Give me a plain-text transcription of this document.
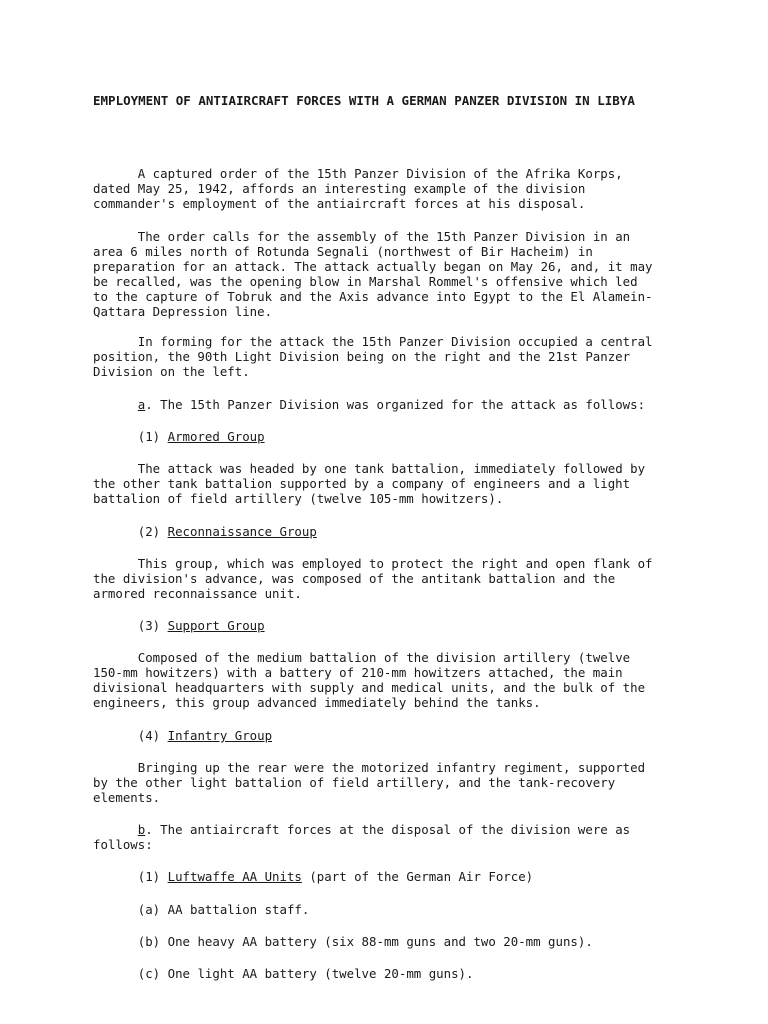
EMPLOYMENT OF ANTIAIRCRAFT FORCES WITH A GERMAN PANZER DIVISION IN LIBYA

A captured order of the 15th Panzer Division of the Afrika Korps,
dated May 25, 1942, affords an interesting example of the division
commander's employment of the antiaircraft forces at his disposal.

The order calls for the assembly of the 15th Panzer Division in an
area 6 miles north of Rotunda Segnali (northwest of Bir Hacheim) in
preparation for an attack. The attack actually began on May 26, and, it may
be recalled, was the opening blow in Marshal Rommel's offensive which led
to the capture of Tobruk and the Axis advance into Egypt to the El Alamein-
Qattara Depression line.

In forming for the attack the 15th Panzer Division occupied a central
position, the 90th Light Division being on the right and the 21st Panzer
Division on the left.

a. The 15th Panzer Division was organized for the attack as follows:

(1) Armored Group

The attack was headed by one tank battalion, immediately followed by
the other tank battalion supported by a company of engineers and a light
battalion of field artillery (twelve 105-mm howitzers).

(2) Reconnaissance Group

This group, which was employed to protect the right and open flank of
the division's advance, was composed of the antitank battalion and the
armored reconnaissance unit.

(3) Support Group

Composed of the medium battalion of the division artillery (twelve
150-mm howitzers) with a battery of 210-mm howitzers attached, the main
divisional headquarters with supply and medical units, and the bulk of the
engineers, this group advanced immediately behind the tanks.

(4) Infantry Group

Bringing up the rear were the motorized infantry regiment, supported
by the other light battalion of field artillery, and the tank-recovery
elements.

b. The antiaircraft forces at the disposal of the division were as
follows:

(1) Luftwaffe AA Units (part of the German Air Force)

(a) AA battalion staff.

(b) One heavy AA battery (six 88-mm guns and two 20-mm guns).

(c) One light AA battery (twelve 20-mm guns).
